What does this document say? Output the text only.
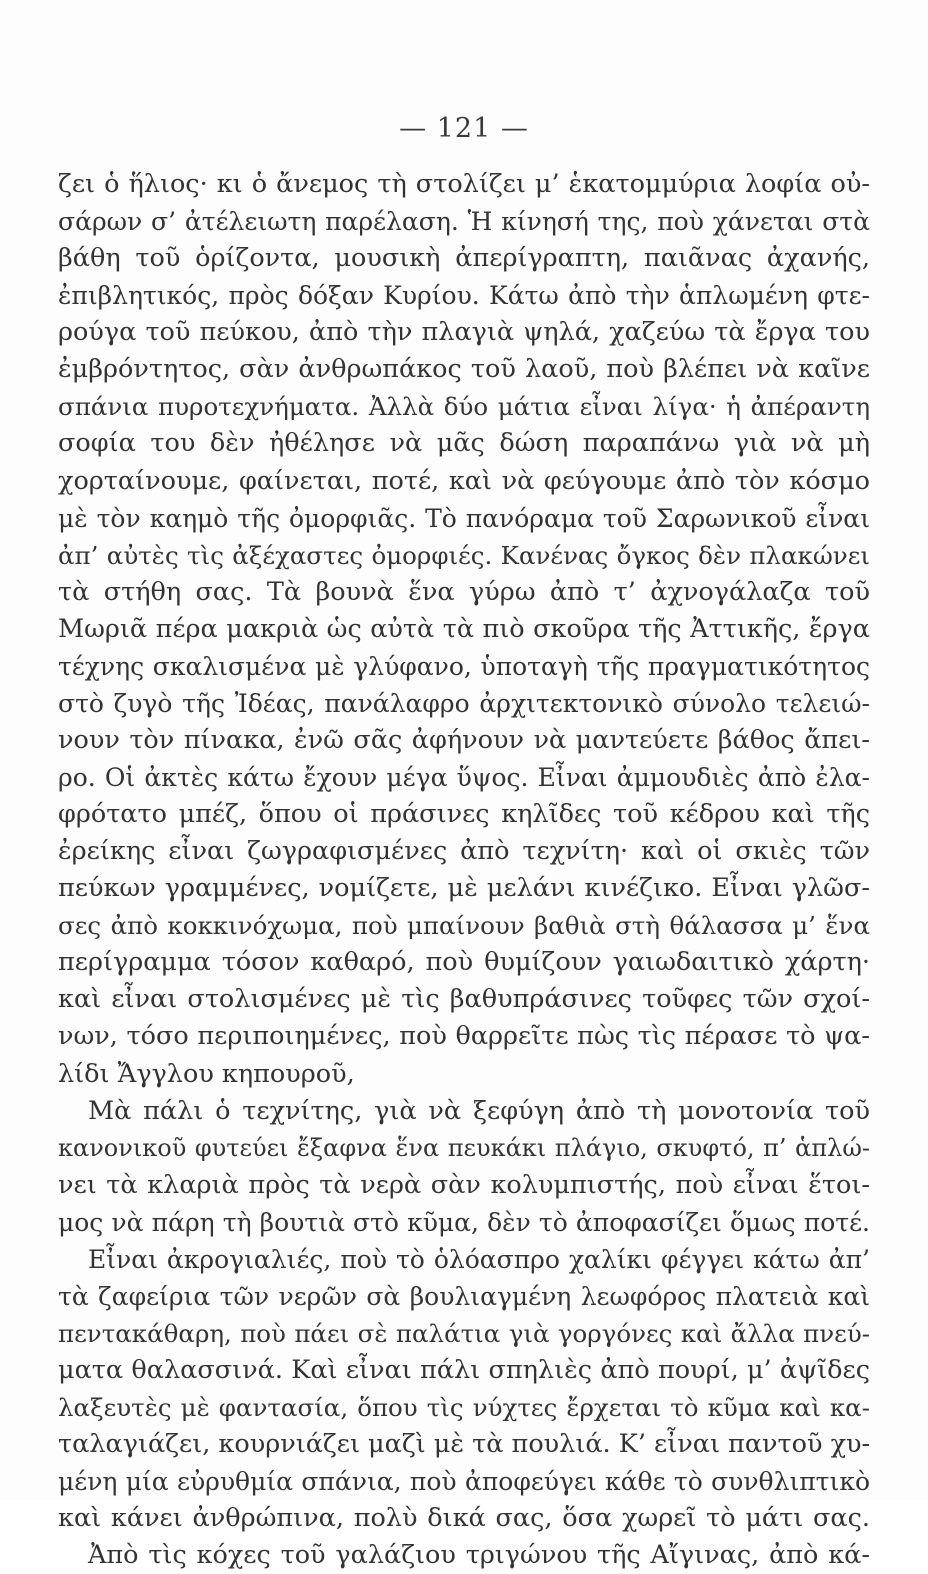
— 121 —
ζει ὁ ἥλιος· κι ὁ ἄνεμος τὴ στολίζει μ’ ἑκατομμύρια λοφία οὐ-
σάρων σ’ ἀτέλειωτη παρέλαση. Ἡ κίνησή της, ποὺ χάνεται στὰ
βάθη τοῦ ὁρίζοντα, μουσικὴ ἀπερίγραπτη, παιᾶνας ἀχανής,
ἐπιβλητικός, πρὸς δόξαν Κυρίου. Κάτω ἀπὸ τὴν ἁπλωμένη φτε-
ρούγα τοῦ πεύκου, ἀπὸ τὴν πλαγιὰ ψηλά, χαζεύω τὰ ἔργα του
ἐμβρόντητος, σὰν ἀνθρωπάκος τοῦ λαοῦ, ποὺ βλέπει νὰ καῖνε
σπάνια πυροτεχνήματα. Ἀλλὰ δύο μάτια εἶναι λίγα· ἡ ἀπέραντη
σοφία του δὲν ἠθέλησε νὰ μᾶς δώση παραπάνω γιὰ νὰ μὴ
χορταίνουμε, φαίνεται, ποτέ, καὶ νὰ φεύγουμε ἀπὸ τὸν κόσμο
μὲ τὸν καημὸ τῆς ὀμορφιᾶς. Τὸ πανόραμα τοῦ Σαρωνικοῦ εἶναι
ἀπ’ αὐτὲς τὶς ἀξέχαστες ὀμορφιές. Κανένας ὄγκος δὲν πλακώνει
τὰ στήθη σας. Τὰ βουνὰ ἕνα γύρω ἀπὸ τ’ ἀχνογάλαζα τοῦ
Μωριᾶ πέρα μακριὰ ὡς αὐτὰ τὰ πιὸ σκοῦρα τῆς Ἀττικῆς, ἔργα
τέχνης σκαλισμένα μὲ γλύφανο, ὑποταγὴ τῆς πραγματικότητος
στὸ ζυγὸ τῆς Ἰδέας, πανάλαφρο ἀρχιτεκτονικὸ σύνολο τελειώ-
νουν τὸν πίνακα, ἐνῶ σᾶς ἀφήνουν νὰ μαντεύετε βάθος ἄπει-
ρο. Οἱ ἀκτὲς κάτω ἔχουν μέγα ὕψος. Εἶναι ἀμμουδιὲς ἀπὸ ἐλα-
φρότατο μπέζ, ὅπου οἱ πράσινες κηλῖδες τοῦ κέδρου καὶ τῆς
ἐρείκης εἶναι ζωγραφισμένες ἀπὸ τεχνίτη· καὶ οἱ σκιὲς τῶν
πεύκων γραμμένες, νομίζετε, μὲ μελάνι κινέζικο. Εἶναι γλῶσ-
σες ἀπὸ κοκκινόχωμα, ποὺ μπαίνουν βαθιὰ στὴ θάλασσα μ’ ἕνα
περίγραμμα τόσον καθαρό, ποὺ θυμίζουν γαιωδαιτικὸ χάρτη·
καὶ εἶναι στολισμένες μὲ τὶς βαθυπράσινες τοῦφες τῶν σχοί-
νων, τόσο περιποιημένες, ποὺ θαρρεῖτε πὼς τὶς πέρασε τὸ ψα-
λίδι Ἄγγλου κηπουροῦ,
Μὰ πάλι ὁ τεχνίτης, γιὰ νὰ ξεφύγη ἀπὸ τὴ μονοτονία τοῦ
κανονικοῦ φυτεύει ἔξαφνα ἕνα πευκάκι πλάγιο, σκυφτό, π’ ἁπλώ-
νει τὰ κλαριὰ πρὸς τὰ νερὰ σὰν κολυμπιστής, ποὺ εἶναι ἕτοι-
μος νὰ πάρη τὴ βουτιὰ στὸ κῦμα, δὲν τὸ ἀποφασίζει ὅμως ποτέ.
Εἶναι ἀκρογιαλιές, ποὺ τὸ ὁλόασπρο χαλίκι φέγγει κάτω ἀπ’
τὰ ζαφείρια τῶν νερῶν σὰ βουλιαγμένη λεωφόρος πλατειὰ καὶ
πεντακάθαρη, ποὺ πάει σὲ παλάτια γιὰ γοργόνες καὶ ἄλλα πνεύ-
ματα θαλασσινά. Καὶ εἶναι πάλι σπηλιὲς ἀπὸ πουρί, μ’ ἀψῖδες
λαξευτὲς μὲ φαντασία, ὅπου τὶς νύχτες ἔρχεται τὸ κῦμα καὶ κα-
ταλαγιάζει, κουρνιάζει μαζὶ μὲ τὰ πουλιά. Κ’ εἶναι παντοῦ χυ-
μένη μία εὐρυθμία σπάνια, ποὺ ἀποφεύγει κάθε τὸ συνθλιπτικὸ
καὶ κάνει ἀνθρώπινα, πολὺ δικά σας, ὅσα χωρεῖ τὸ μάτι σας.
Ἀπὸ τὶς κόχες τοῦ γαλάζιου τριγώνου τῆς Αἴγινας, ἀπὸ κά-
